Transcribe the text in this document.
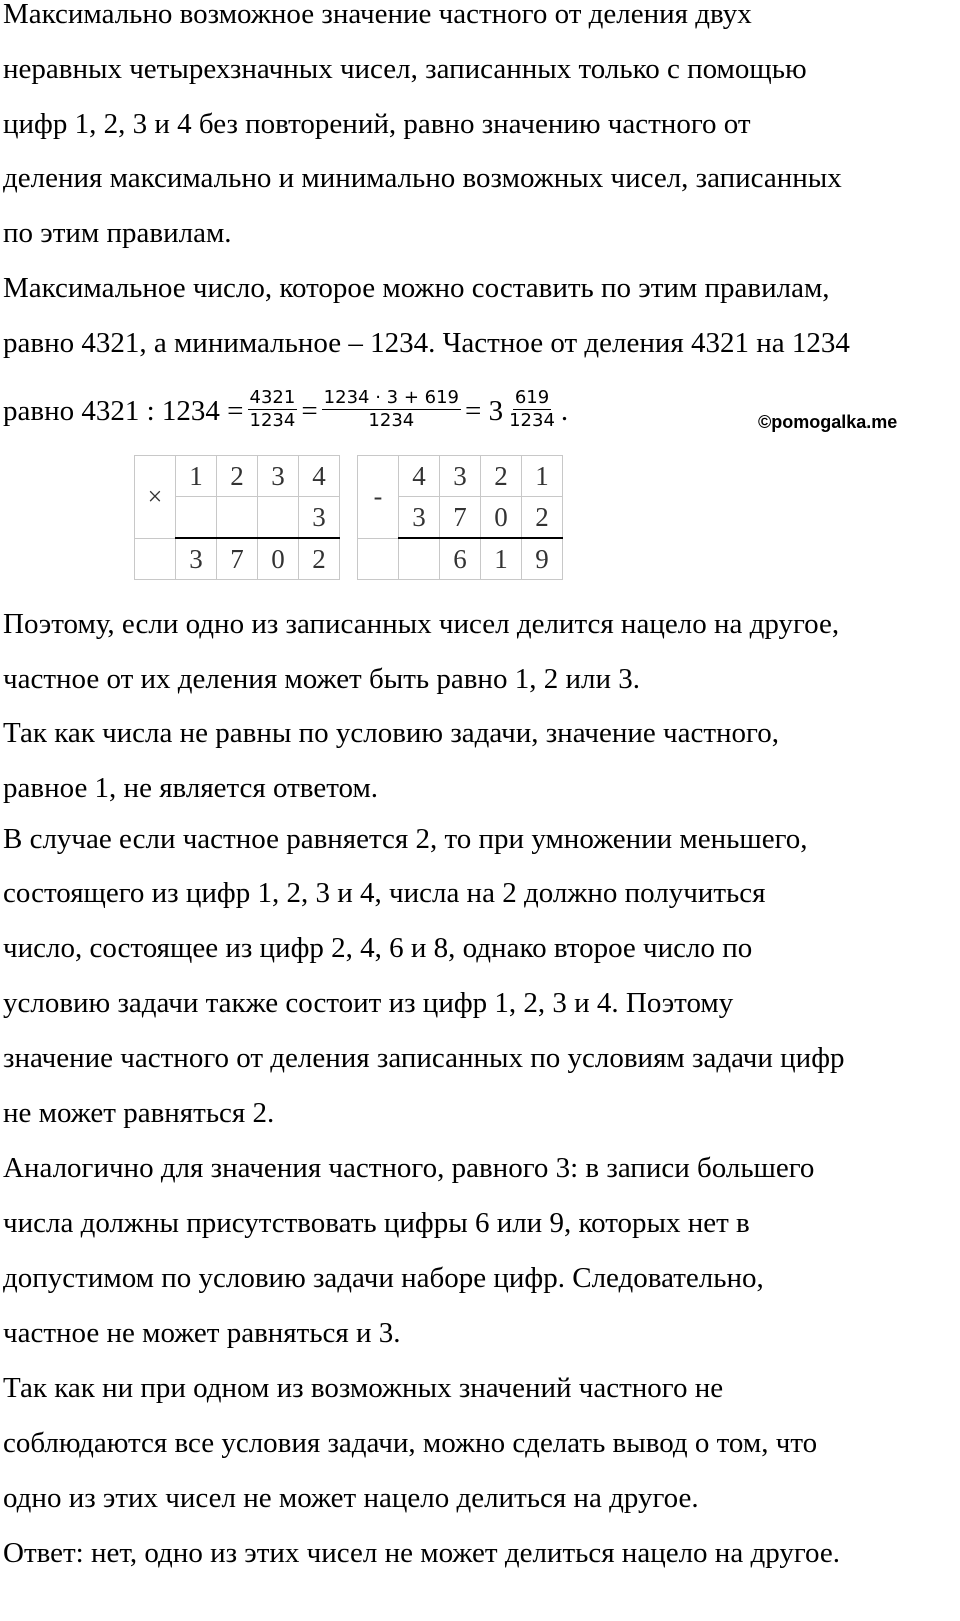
Максимально возможное значение частного от деления двух
неравных четырехзначных чисел, записанных только с помощью
цифр 1, 2, 3 и 4 без повторений, равно значению частного от
деления максимально и минимально возможных чисел, записанных
по этим правилам.
Максимальное число, которое можно составить по этим правилам,
равно 4321, а минимальное – 1234. Частное от деления 4321 на 1234
равно 4321 : $1234 = \frac{4321}{1234} = \frac{1234 \cdot 3 + 619}{1234} = 3 \frac{619}{1234}$ .	©pomogalka.me
×	1	2	3	4
				3
	3	7	0	2
-	4	3	2	1
	3	7	0	2
		6	1	9
Поэтому, если одно из записанных чисел делится нацело на другое,
частное от их деления может быть равно 1, 2 или 3.
Так как числа не равны по условию задачи, значение частного,
равное 1, не является ответом.
В случае если частное равняется 2, то при умножении меньшего,
состоящего из цифр 1, 2, 3 и 4, числа на 2 должно получиться
число, состоящее из цифр 2, 4, 6 и 8, однако второе число по
условию задачи также состоит из цифр 1, 2, 3 и 4. Поэтому
значение частного от деления записанных по условиям задачи цифр
не может равняться 2.
Аналогично для значения частного, равного 3: в записи большего
числа должны присутствовать цифры 6 или 9, которых нет в
допустимом по условию задачи наборе цифр. Следовательно,
частное не может равняться и 3.
Так как ни при одном из возможных значений частного не
соблюдаются все условия задачи, можно сделать вывод о том, что
одно из этих чисел не может нацело делиться на другое.
Ответ: нет, одно из этих чисел не может делиться нацело на другое.
